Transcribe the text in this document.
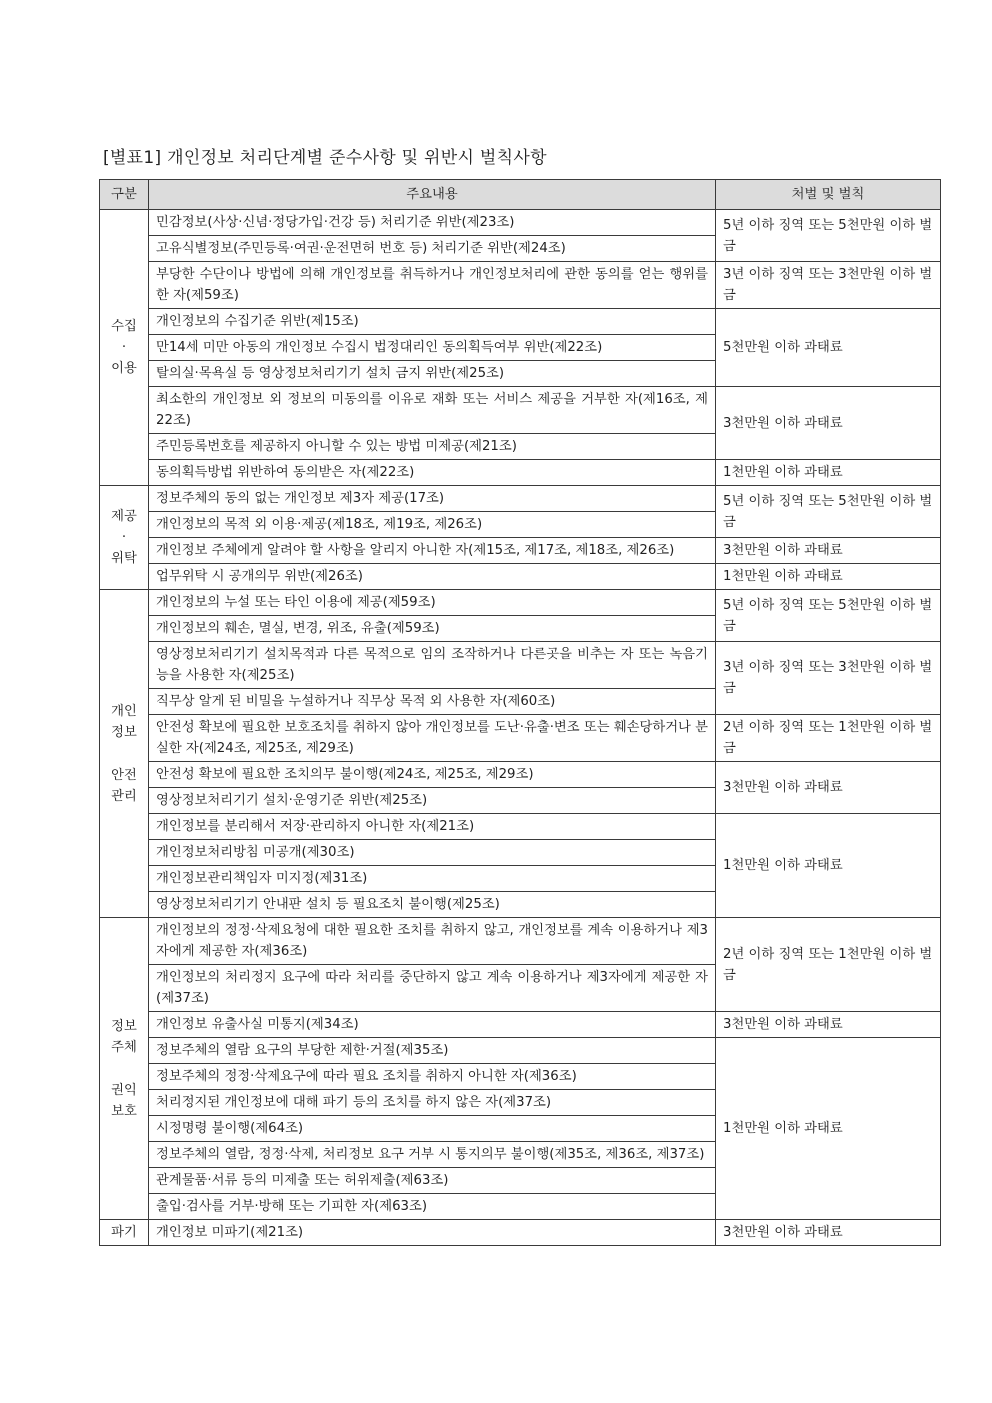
[별표1] 개인정보 처리단계별 준수사항 및 위반시 벌칙사항
구분	주요내용	처벌 및 벌칙

수집
·
이용	민감정보(사상·신념·정당가입·건강 등) 처리기준 위반(제23조)	5년 이하 징역 또는 5천만원 이하 벌금
	고유식별정보(주민등록·여권·운전면허 번호 등) 처리기준 위반(제24조)	
	부당한 수단이나 방법에 의해 개인정보를 취득하거나 개인정보처리에 관한 동의를 얻는 행위를 한 자(제59조)	3년 이하 징역 또는 3천만원 이하 벌금
	개인정보의 수집기준 위반(제15조)	5천만원 이하 과태료
	만14세 미만 아동의 개인정보 수집시 법정대리인 동의획득여부 위반(제22조)	
	탈의실·목욕실 등 영상정보처리기기 설치 금지 위반(제25조)	
	최소한의 개인정보 외 정보의 미동의를 이유로 재화 또는 서비스 제공을 거부한 자(제16조, 제22조)	3천만원 이하 과태료
	주민등록번호를 제공하지 아니할 수 있는 방법 미제공(제21조)	
	동의획득방법 위반하여 동의받은 자(제22조)	1천만원 이하 과태료

제공
·
위탁	정보주체의 동의 없는 개인정보 제3자 제공(17조)	5년 이하 징역 또는 5천만원 이하 벌금
	개인정보의 목적 외 이용·제공(제18조, 제19조, 제26조)	
	개인정보 주체에게 알려야 할 사항을 알리지 아니한 자(제15조, 제17조, 제18조, 제26조)	3천만원 이하 과태료
	업무위탁 시 공개의무 위반(제26조)	1천만원 이하 과태료

개인
정보
안전
관리	개인정보의 누설 또는 타인 이용에 제공(제59조)	5년 이하 징역 또는 5천만원 이하 벌금
	개인정보의 훼손, 멸실, 변경, 위조, 유출(제59조)	
	영상정보처리기기 설치목적과 다른 목적으로 임의 조작하거나 다른곳을 비추는 자 또는 녹음기능을 사용한 자(제25조)	3년 이하 징역 또는 3천만원 이하 벌금
	직무상 알게 된 비밀을 누설하거나 직무상 목적 외 사용한 자(제60조)	
	안전성 확보에 필요한 보호조치를 취하지 않아 개인정보를 도난·유출·변조 또는 훼손당하거나 분실한 자(제24조, 제25조, 제29조)	2년 이하 징역 또는 1천만원 이하 벌금
	안전성 확보에 필요한 조치의무 불이행(제24조, 제25조, 제29조)	3천만원 이하 과태료
	영상정보처리기기 설치·운영기준 위반(제25조)	
	개인정보를 분리해서 저장·관리하지 아니한 자(제21조)	1천만원 이하 과태료
	개인정보처리방침 미공개(제30조)	
	개인정보관리책임자 미지정(제31조)	
	영상정보처리기기 안내판 설치 등 필요조치 불이행(제25조)	

정보
주체
권익
보호	개인정보의 정정·삭제요청에 대한 필요한 조치를 취하지 않고, 개인정보를 계속 이용하거나 제3자에게 제공한 자(제36조)	2년 이하 징역 또는 1천만원 이하 벌금
	개인정보의 처리정지 요구에 따라 처리를 중단하지 않고 계속 이용하거나 제3자에게 제공한 자(제37조)	
	개인정보 유출사실 미통지(제34조)	3천만원 이하 과태료
	정보주체의 열람 요구의 부당한 제한·거절(제35조)	1천만원 이하 과태료
	정보주체의 정정·삭제요구에 따라 필요 조치를 취하지 아니한 자(제36조)	
	처리정지된 개인정보에 대해 파기 등의 조치를 하지 않은 자(제37조)	
	시정명령 불이행(제64조)	
	정보주체의 열람, 정정·삭제, 처리정보 요구 거부 시 통지의무 불이행(제35조, 제36조, 제37조)	
	관계물품·서류 등의 미제출 또는 허위제출(제63조)	
	출입·검사를 거부·방해 또는 기피한 자(제63조)	

파기	개인정보 미파기(제21조)	3천만원 이하 과태료
